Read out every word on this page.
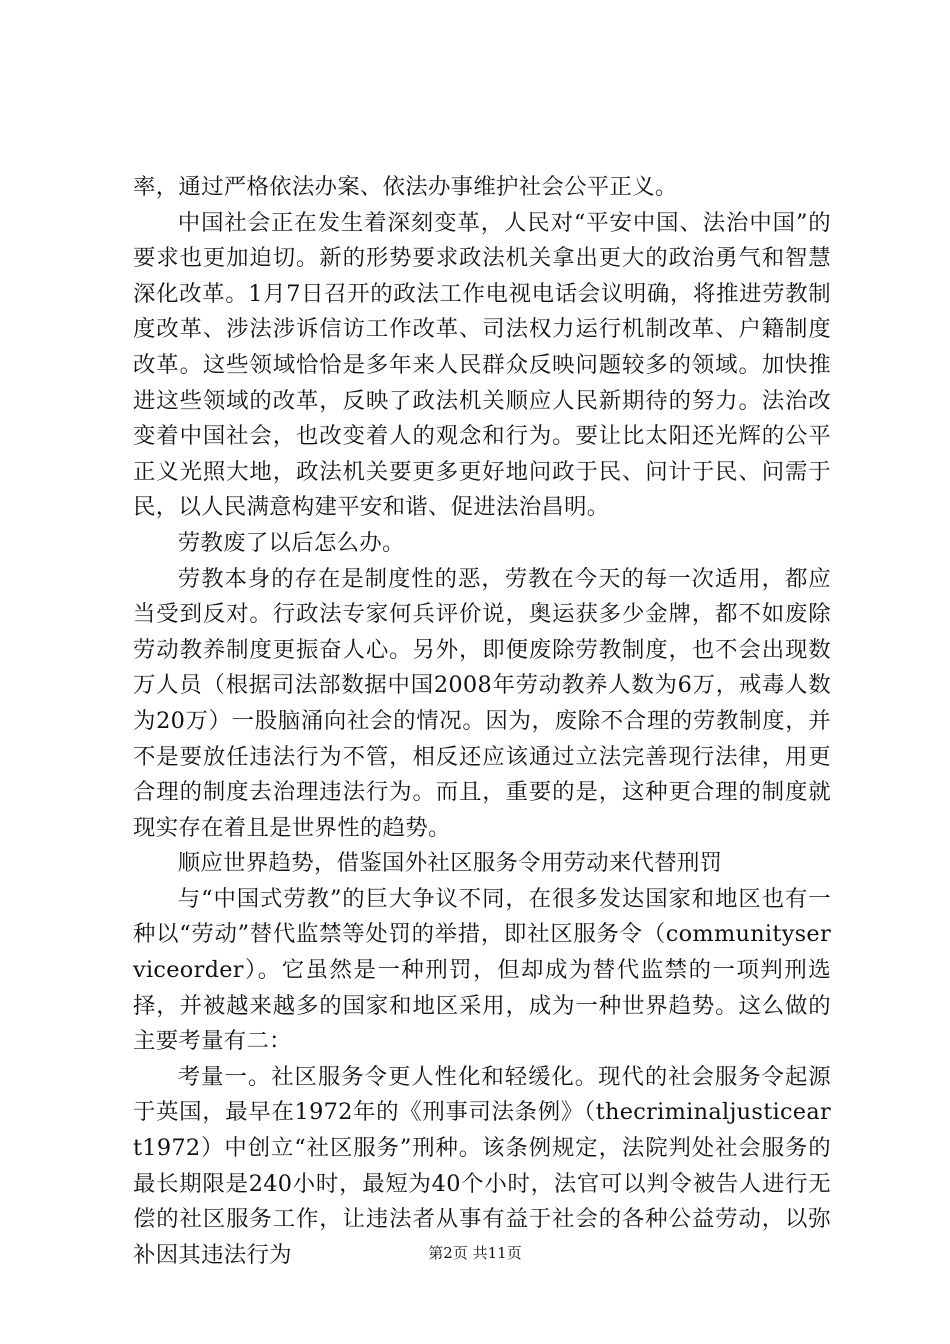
率，通过严格依法办案、依法办事维护社会公平正义。

中国社会正在发生着深刻变革，人民对“平安中国、法治中国”的要求也更加迫切。新的形势要求政法机关拿出更大的政治勇气和智慧深化改革。1月7日召开的政法工作电视电话会议明确，将推进劳教制度改革、涉法涉诉信访工作改革、司法权力运行机制改革、户籍制度改革。这些领域恰恰是多年来人民群众反映问题较多的领域。加快推进这些领域的改革，反映了政法机关顺应人民新期待的努力。法治改变着中国社会，也改变着人的观念和行为。要让比太阳还光辉的公平正义光照大地，政法机关要更多更好地问政于民、问计于民、问需于民，以人民满意构建平安和谐、促进法治昌明。

劳教废了以后怎么办。

劳教本身的存在是制度性的恶，劳教在今天的每一次适用，都应当受到反对。行政法专家何兵评价说，奥运获多少金牌，都不如废除劳动教养制度更振奋人心。另外，即便废除劳教制度，也不会出现数万人员（根据司法部数据中国2008年劳动教养人数为6万，戒毒人数为20万）一股脑涌向社会的情况。因为，废除不合理的劳教制度，并不是要放任违法行为不管，相反还应该通过立法完善现行法律，用更合理的制度去治理违法行为。而且，重要的是，这种更合理的制度就现实存在着且是世界性的趋势。

顺应世界趋势，借鉴国外社区服务令用劳动来代替刑罚

与“中国式劳教”的巨大争议不同，在很多发达国家和地区也有一种以“劳动”替代监禁等处罚的举措，即社区服务令（communityserviceorder）。它虽然是一种刑罚，但却成为替代监禁的一项判刑选择，并被越来越多的国家和地区采用，成为一种世界趋势。这么做的主要考量有二：

考量一。社区服务令更人性化和轻缓化。现代的社会服务令起源于英国，最早在1972年的《刑事司法条例》（thecriminaljusticeart1972）中创立“社区服务”刑种。该条例规定，法院判处社会服务的最长期限是240小时，最短为40个小时，法官可以判令被告人进行无偿的社区服务工作，让违法者从事有益于社会的各种公益劳动，以弥补因其违法行为	第2页 共11页
